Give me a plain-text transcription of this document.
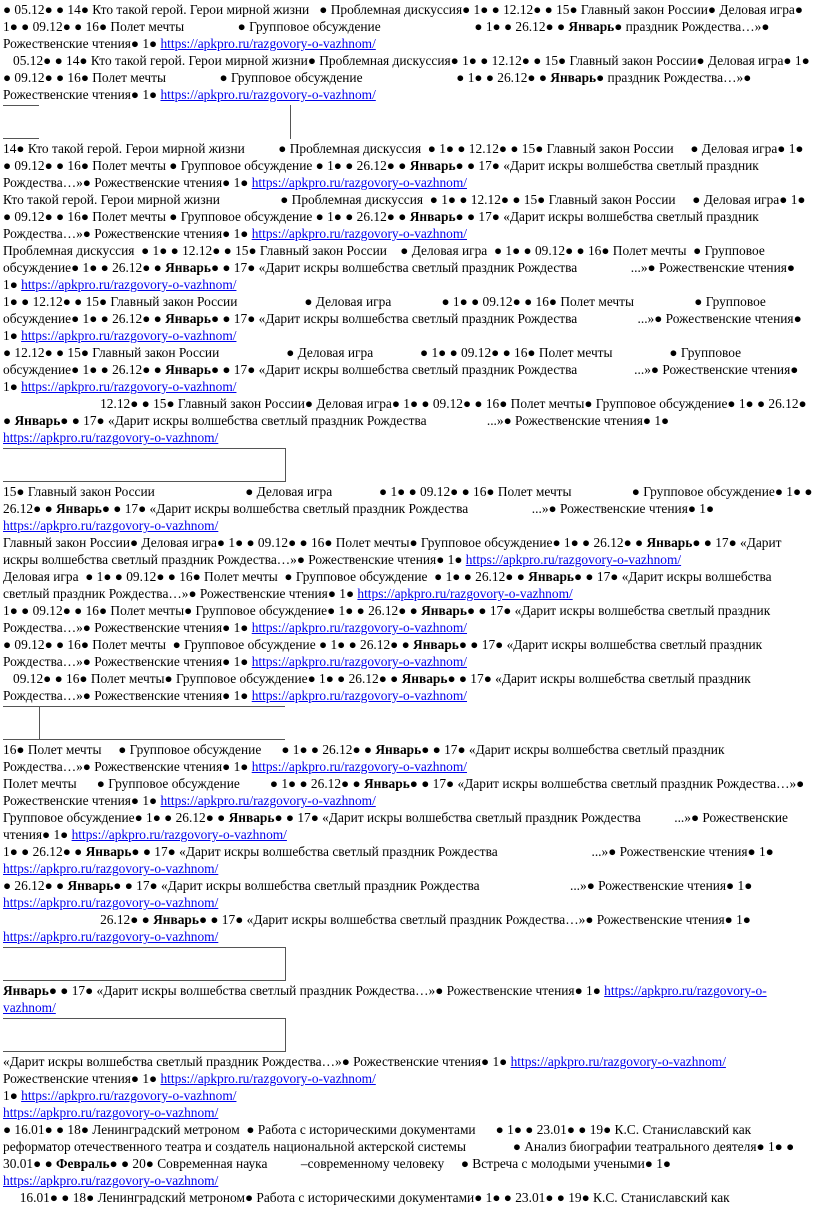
● 05.12● ● 14● Кто такой герой. Герои мирной жизни   ● Проблемная дискуссия● 1● ● 12.12● ● 15● Главный закон России● Деловая игра● 1● ● 09.12● ● 16● Полет мечты                ● Групповое обсуждение                            ● 1● ● 26.12● ● Январь● праздник Рождества…»● Рожественские чтения● 1● https://apkpro.ru/razgovory-o-vazhnom/

05.12● ● 14● Кто такой герой. Герои мирной жизни● Проблемная дискуссия● 1● ● 12.12● ● 15● Главный закон России● Деловая игра● 1● ● 09.12● ● 16● Полет мечты                ● Групповое обсуждение                            ● 1● ● 26.12● ● Январь● праздник Рождества…»● Рожественские чтения● 1● https://apkpro.ru/razgovory-o-vazhnom/

14● Кто такой герой. Герои мирной жизни          ● Проблемная дискуссия  ● 1● ● 12.12● ● 15● Главный закон России     ● Деловая игра● 1● ● 09.12● ● 16● Полет мечты ● Групповое обсуждение ● 1● ● 26.12● ● Январь● ● 17● «Дарит искры волшебства светлый праздник Рождества…»● Рожественские чтения● 1● https://apkpro.ru/razgovory-o-vazhnom/

Кто такой герой. Герои мирной жизни                  ● Проблемная дискуссия  ● 1● ● 12.12● ● 15● Главный закон России     ● Деловая игра● 1● ● 09.12● ● 16● Полет мечты ● Групповое обсуждение ● 1● ● 26.12● ● Январь● ● 17● «Дарит искры волшебства светлый праздник Рождества…»● Рожественские чтения● 1● https://apkpro.ru/razgovory-o-vazhnom/

Проблемная дискуссия  ● 1● ● 12.12● ● 15● Главный закон России    ● Деловая игра  ● 1● ● 09.12● ● 16● Полет мечты  ● Групповое обсуждение● 1● ● 26.12● ● Январь● ● 17● «Дарит искры волшебства светлый праздник Рождества                ...»● Рожественские чтения● 1● https://apkpro.ru/razgovory-o-vazhnom/

1● ● 12.12● ● 15● Главный закон России                    ● Деловая игра               ● 1● ● 09.12● ● 16● Полет мечты                  ● Групповое обсуждение● 1● ● 26.12● ● Январь● ● 17● «Дарит искры волшебства светлый праздник Рождества                  ...»● Рожественские чтения● 1● https://apkpro.ru/razgovory-o-vazhnom/

● 12.12● ● 15● Главный закон России                    ● Деловая игра              ● 1● ● 09.12● ● 16● Полет мечты                 ● Групповое обсуждение● 1● ● 26.12● ● Январь● ● 17● «Дарит искры волшебства светлый праздник Рождества                 ...»● Рожественские чтения● 1● https://apkpro.ru/razgovory-o-vazhnom/

12.12● ● 15● Главный закон России● Деловая игра● 1● ● 09.12● ● 16● Полет мечты● Групповое обсуждение● 1● ● 26.12● ● Январь● ● 17● «Дарит искры волшебства светлый праздник Рождества                  ...»● Рожественские чтения● 1● https://apkpro.ru/razgovory-o-vazhnom/

15● Главный закон России                           ● Деловая игра              ● 1● ● 09.12● ● 16● Полет мечты                  ● Групповое обсуждение● 1● ● 26.12● ● Январь● ● 17● «Дарит искры волшебства светлый праздник Рождества                   ...»● Рожественские чтения● 1● https://apkpro.ru/razgovory-o-vazhnom/

Главный закон России● Деловая игра● 1● ● 09.12● ● 16● Полет мечты● Групповое обсуждение● 1● ● 26.12● ● Январь● ● 17● «Дарит искры волшебства светлый праздник Рождества…»● Рожественские чтения● 1● https://apkpro.ru/razgovory-o-vazhnom/

Деловая игра  ● 1● ● 09.12● ● 16● Полет мечты  ● Групповое обсуждение  ● 1● ● 26.12● ● Январь● ● 17● «Дарит искры волшебства светлый праздник Рождества…»● Рожественские чтения● 1● https://apkpro.ru/razgovory-o-vazhnom/

1● ● 09.12● ● 16● Полет мечты● Групповое обсуждение● 1● ● 26.12● ● Январь● ● 17● «Дарит искры волшебства светлый праздник Рождества…»● Рожественские чтения● 1● https://apkpro.ru/razgovory-o-vazhnom/

● 09.12● ● 16● Полет мечты  ● Групповое обсуждение ● 1● ● 26.12● ● Январь● ● 17● «Дарит искры волшебства светлый праздник Рождества…»● Рожественские чтения● 1● https://apkpro.ru/razgovory-o-vazhnom/

09.12● ● 16● Полет мечты● Групповое обсуждение● 1● ● 26.12● ● Январь● ● 17● «Дарит искры волшебства светлый праздник Рождества…»● Рожественские чтения● 1● https://apkpro.ru/razgovory-o-vazhnom/

16● Полет мечты     ● Групповое обсуждение      ● 1● ● 26.12● ● Январь● ● 17● «Дарит искры волшебства светлый праздник Рождества…»● Рожественские чтения● 1● https://apkpro.ru/razgovory-o-vazhnom/

Полет мечты      ● Групповое обсуждение         ● 1● ● 26.12● ● Январь● ● 17● «Дарит искры волшебства светлый праздник Рождества…»● Рожественские чтения● 1● https://apkpro.ru/razgovory-o-vazhnom/

Групповое обсуждение● 1● ● 26.12● ● Январь● ● 17● «Дарит искры волшебства светлый праздник Рождества          ...»● Рожественские чтения● 1● https://apkpro.ru/razgovory-o-vazhnom/

1● ● 26.12● ● Январь● ● 17● «Дарит искры волшебства светлый праздник Рождества                            ...»● Рожественские чтения● 1● https://apkpro.ru/razgovory-o-vazhnom/

● 26.12● ● Январь● ● 17● «Дарит искры волшебства светлый праздник Рождества                           ...»● Рожественские чтения● 1● https://apkpro.ru/razgovory-o-vazhnom/

26.12● ● Январь● ● 17● «Дарит искры волшебства светлый праздник Рождества…»● Рожественские чтения● 1● https://apkpro.ru/razgovory-o-vazhnom/

Январь● ● 17● «Дарит искры волшебства светлый праздник Рождества…»● Рожественские чтения● 1● https://apkpro.ru/razgovory-o-vazhnom/

«Дарит искры волшебства светлый праздник Рождества…»● Рожественские чтения● 1● https://apkpro.ru/razgovory-o-vazhnom/

Рожественские чтения● 1● https://apkpro.ru/razgovory-o-vazhnom/

1● https://apkpro.ru/razgovory-o-vazhnom/

https://apkpro.ru/razgovory-o-vazhnom/

● 16.01● ● 18● Ленинградский метроном  ● Работа с историческими документами      ● 1● ● 23.01● ● 19● К.С. Станиславский как реформатор отечественного театра и создатель национальной актерской системы              ● Анализ биографии театрального деятеля● 1● ● 30.01● ● Февраль● ● 20● Современная наука          –современному человеку     ● Встреча с молодыми учеными● 1● https://apkpro.ru/razgovory-o-vazhnom/

16.01● ● 18● Ленинградский метроном● Работа с историческими документами● 1● ● 23.01● ● 19● К.С. Станиславский как
